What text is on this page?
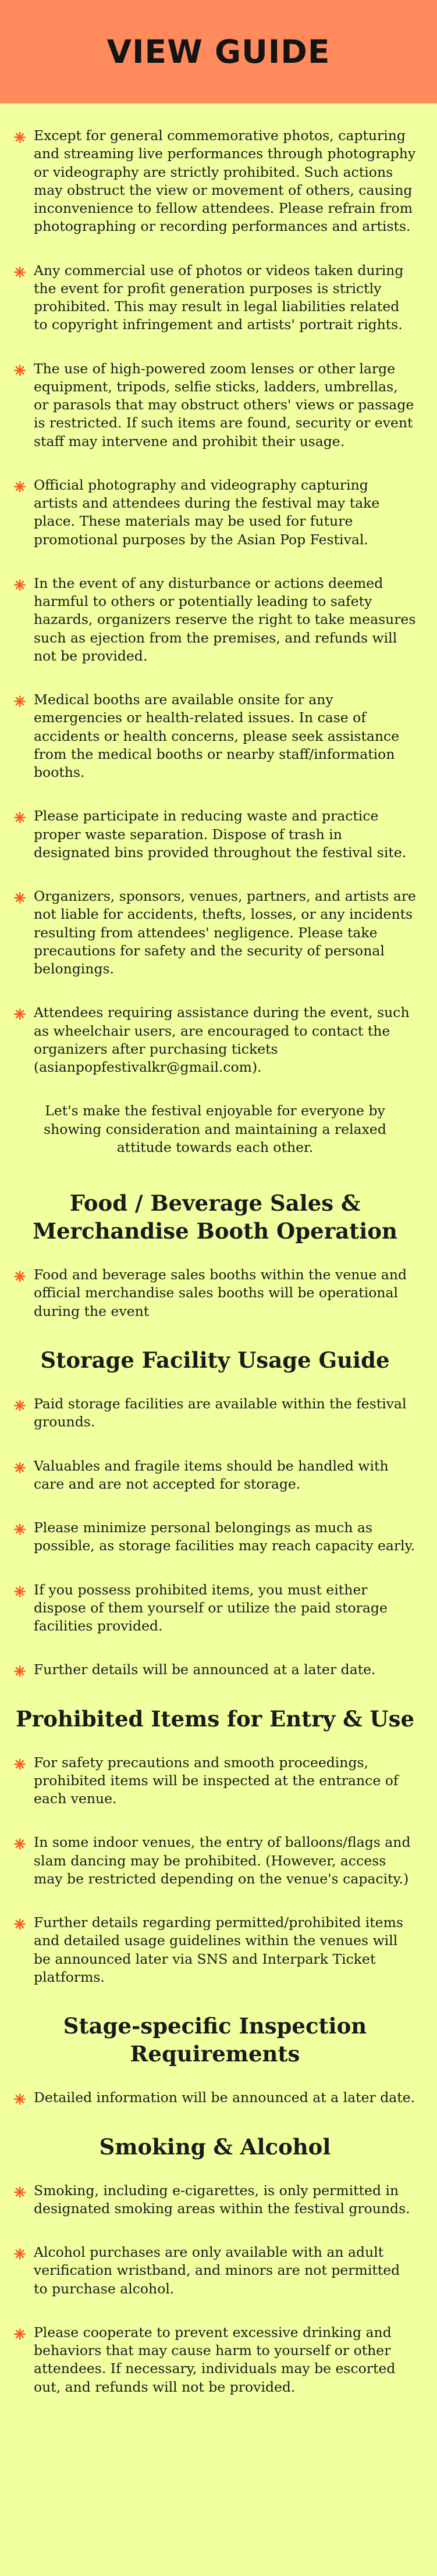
VIEW GUIDE
Except for general commemorative photos, capturing and streaming live performances through photography or videography are strictly prohibited. Such actions may obstruct the view or movement of others, causing inconvenience to fellow attendees. Please refrain from photographing or recording performances and artists.
Any commercial use of photos or videos taken during the event for profit generation purposes is strictly prohibited. This may result in legal liabilities related to copyright infringement and artists' portrait rights.
The use of high-powered zoom lenses or other large equipment, tripods, selfie sticks, ladders, umbrellas, or parasols that may obstruct others' views or passage is restricted. If such items are found, security or event staff may intervene and prohibit their usage.
Official photography and videography capturing artists and attendees during the festival may take place. These materials may be used for future promotional purposes by the Asian Pop Festival.
In the event of any disturbance or actions deemed harmful to others or potentially leading to safety hazards, organizers reserve the right to take measures such as ejection from the premises, and refunds will not be provided.
Medical booths are available onsite for any emergencies or health-related issues. In case of accidents or health concerns, please seek assistance from the medical booths or nearby staff/information booths.
Please participate in reducing waste and practice proper waste separation. Dispose of trash in designated bins provided throughout the festival site.
Organizers, sponsors, venues, partners, and artists are not liable for accidents, thefts, losses, or any incidents resulting from attendees' negligence. Please take precautions for safety and the security of personal belongings.
Attendees requiring assistance during the event, such as wheelchair users, are encouraged to contact the organizers after purchasing tickets (asianpopfestivalkr@gmail.com).

Let's make the festival enjoyable for everyone by showing consideration and maintaining a relaxed attitude towards each other.

Food / Beverage Sales & Merchandise Booth Operation
Food and beverage sales booths within the venue and official merchandise sales booths will be operational during the event
Storage Facility Usage Guide
Paid storage facilities are available within the festival grounds.
Valuables and fragile items should be handled with care and are not accepted for storage.
Please minimize personal belongings as much as possible, as storage facilities may reach capacity early.
If you possess prohibited items, you must either dispose of them yourself or utilize the paid storage facilities provided.
Further details will be announced at a later date.
Prohibited Items for Entry & Use
For safety precautions and smooth proceedings, prohibited items will be inspected at the entrance of each venue.
In some indoor venues, the entry of balloons/flags and slam dancing may be prohibited. (However, access may be restricted depending on the venue's capacity.)
Further details regarding permitted/prohibited items and detailed usage guidelines within the venues will be announced later via SNS and Interpark Ticket platforms.
Stage-specific Inspection Requirements
Detailed information will be announced at a later date.
Smoking & Alcohol
Smoking, including e-cigarettes, is only permitted in designated smoking areas within the festival grounds.
Alcohol purchases are only available with an adult verification wristband, and minors are not permitted to purchase alcohol.
Please cooperate to prevent excessive drinking and behaviors that may cause harm to yourself or other attendees. If necessary, individuals may be escorted out, and refunds will not be provided.
